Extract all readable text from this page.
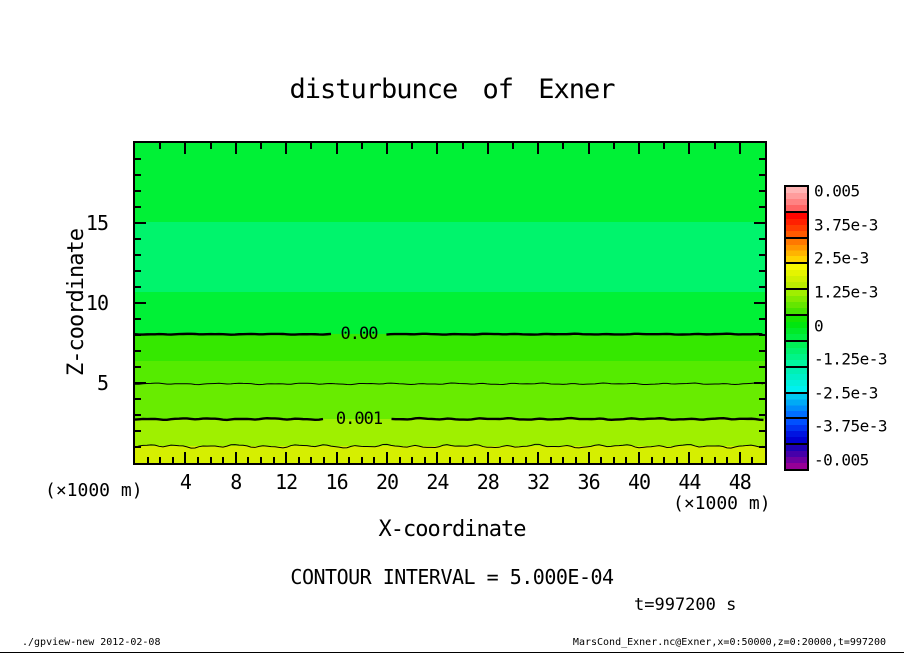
disturbunce of Exner
0.00
0.001
Z-coordinate
X-coordinate
(×1000 m)
(×1000 m)
CONTOUR INTERVAL = 5.000E-04
t=997200 s
./gpview-new 2012-02-08	MarsCond_Exner.nc@Exner,x=0:50000,z=0:20000,t=997200
4 8 12 16 20 24 28 32 36 40 44 48
5
10
15
0.005
3.75e-3
2.5e-3
1.25e-3
0
-1.25e-3
-2.5e-3
-3.75e-3
-0.005
